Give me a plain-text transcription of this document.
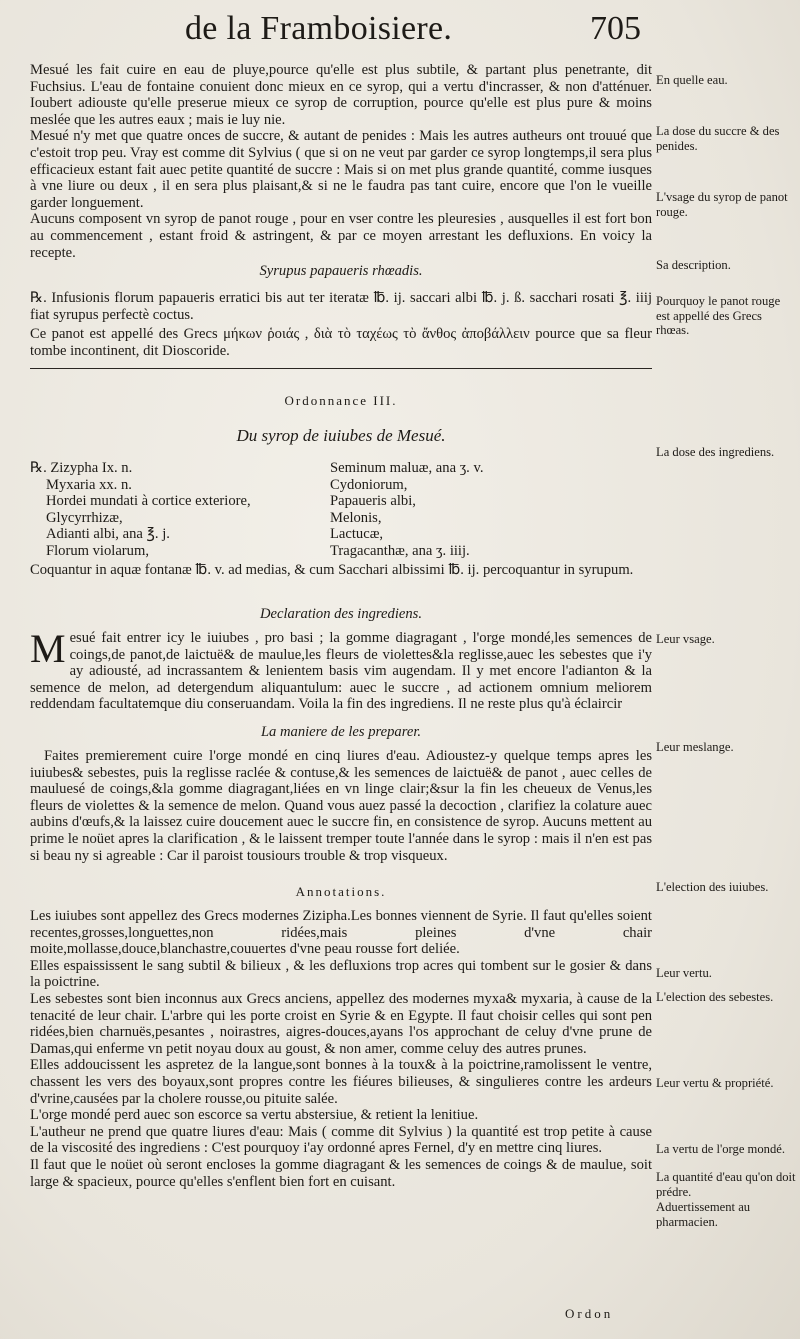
de la Framboisiere.	705

Mesué les fait cuire en eau de pluye,pource qu'elle est plus subtile, & partant plus penetrante, dit Fuchsius. L'eau de fontaine conuient donc mieux en ce syrop, qui a vertu d'incrasser, & non d'atténuer. Ioubert adiouste qu'elle preserue mieux ce syrop de corruption, pource qu'elle est plus pure & moins meslée que les autres eaux ; mais ie luy nie.

Mesué n'y met que quatre onces de succre, & autant de penides : Mais les autres autheurs ont trouué que c'estoit trop peu. Vray est comme dit Sylvius ( que si on ne veut par garder ce syrop longtemps,il sera plus efficacieux estant fait auec petite quantité de succre : Mais si on met plus grande quantité, comme iusques à vne liure ou deux , il en sera plus plaisant,& si ne le faudra pas tant cuire, encore que l'on le vueille garder longuement.

Aucuns composent vn syrop de panot rouge , pour en vser contre les pleuresies , ausquelles il est fort bon au commencement , estant froid & astringent, & par ce moyen arrestant les defluxions. En voicy la recepte.

Syrupus papaueris rhœadis.
℞. Infusionis florum papaueris erratici bis aut ter iteratæ ℔. ij. saccari albi ℔. j. ß. sacchari rosati ℥. iiij fiat syrupus perfectè coctus.
Ce panot est appellé des Grecs μήκων ῥοιάς , διὰ τὸ ταχέως τὸ ἄνθος ἀποβάλλειν pource que sa fleur tombe incontinent, dit Dioscoride.
Ordonnance III.
Du syrop de iuiubes de Mesué.
℞. Zizypha Ix. n.	Seminum maluæ, ana ʒ. v.
Myxaria xx. n.	Cydoniorum,
Hordei mundati à cortice exteriore,	Papaueris albi,
Glycyrrhizæ,	Melonis,
Adianti albi, ana ℥. j.	Lactucæ,
Florum violarum,	Tragacanthæ, ana ʒ. iiij.
Coquantur in aquæ fontanæ ℔. v. ad medias, & cum Sacchari albissimi ℔. ij. percoquantur in syrupum.
Declaration des ingrediens.
M esué fait entrer icy le iuiubes , pro basi ; la gomme diagragant , l'orge mondé,les semences de coings,de panot,de laictuë& de maulue,les fleurs de violettes&la reglisse,auec les sebestes que i'y ay adiousté, ad incrassantem & lenientem basis vim augendam. Il y met encore l'adianton & la semence de melon, ad detergendum aliquantulum: auec le succre , ad actionem omnium meliorem reddendam facultatemque diu conseruandam. Voila la fin des ingrediens. Il ne reste plus qu'à éclaircir
La maniere de les preparer.
Faites premierement cuire l'orge mondé en cinq liures d'eau. Adioustez-y quelque temps apres les iuiubes& sebestes, puis la reglisse raclée & contuse,& les semences de laictuë& de panot , auec celles de mauluesé de coings,&la gomme diagragant,liées en vn linge clair;&sur la fin les cheueux de Venus,les fleurs de violettes & la semence de melon. Quand vous auez passé la decoction , clarifiez la colature auec aubins d'œufs,& la laissez cuire doucement auec le succre fin, en consistence de syrop. Aucuns mettent au prime le noüet apres la clarification , & le laissent tremper toute l'année dans le syrop : mais il n'en est pas si beau ny si agreable : Car il paroist tousiours trouble & trop visqueux.
Annotations.

Les iuiubes sont appellez des Grecs modernes Zizipha.Les bonnes viennent de Syrie. Il faut qu'elles soient recentes,grosses,longuettes,non ridées,mais pleines d'vne chair moite,mollasse,douce,blanchastre,couuertes d'vne peau rousse fort deliée.

Elles espaississent le sang subtil & bilieux , & les defluxions trop acres qui tombent sur le gosier & dans la poictrine.

Les sebestes sont bien inconnus aux Grecs anciens, appellez des modernes myxa& myxaria, à cause de la tenacité de leur chair. L'arbre qui les porte croist en Syrie & en Egypte. Il faut choisir celles qui sont pen ridées,bien charnuës,pesantes , noirastres, aigres-douces,ayans l'os approchant de celuy d'vne prune de Damas,qui enferme vn petit noyau doux au goust, & non amer, comme celuy des autres prunes.

Elles addoucissent les aspretez de la langue,sont bonnes à la toux& à la poictrine,ramolissent le ventre, chassent les vers des boyaux,sont propres contre les fiéures bilieuses, & singulieres contre les ardeurs d'vrine,causées par la cholere rousse,ou pituite salée.

L'orge mondé perd auec son escorce sa vertu abstersiue, & retient la lenitiue.

L'autheur ne prend que quatre liures d'eau: Mais ( comme dit Sylvius ) la quantité est trop petite à cause de la viscosité des ingrediens : C'est pourquoy i'ay ordonné apres Fernel, d'y en mettre cinq liures.

Il faut que le noüet où seront encloses la gomme diagragant & les semences de coings & de maulue, soit large & spacieux, pource qu'elles s'enflent bien fort en cuisant.

Ordon
En quelle eau.
La dose du succre & des penides.
L'vsage du syrop de panot rouge.
Sa description.
Pourquoy le panot rouge est appellé des Grecs rhœas.
La dose des ingrediens.
Leur vsage.
Leur meslange.
L'election des iuiubes.
Leur vertu.
L'election des sebestes.
Leur vertu & propriété.
La vertu de l'orge mondé.
La quantité d'eau qu'on doit prédre.
Aduertissement au pharmacien.
